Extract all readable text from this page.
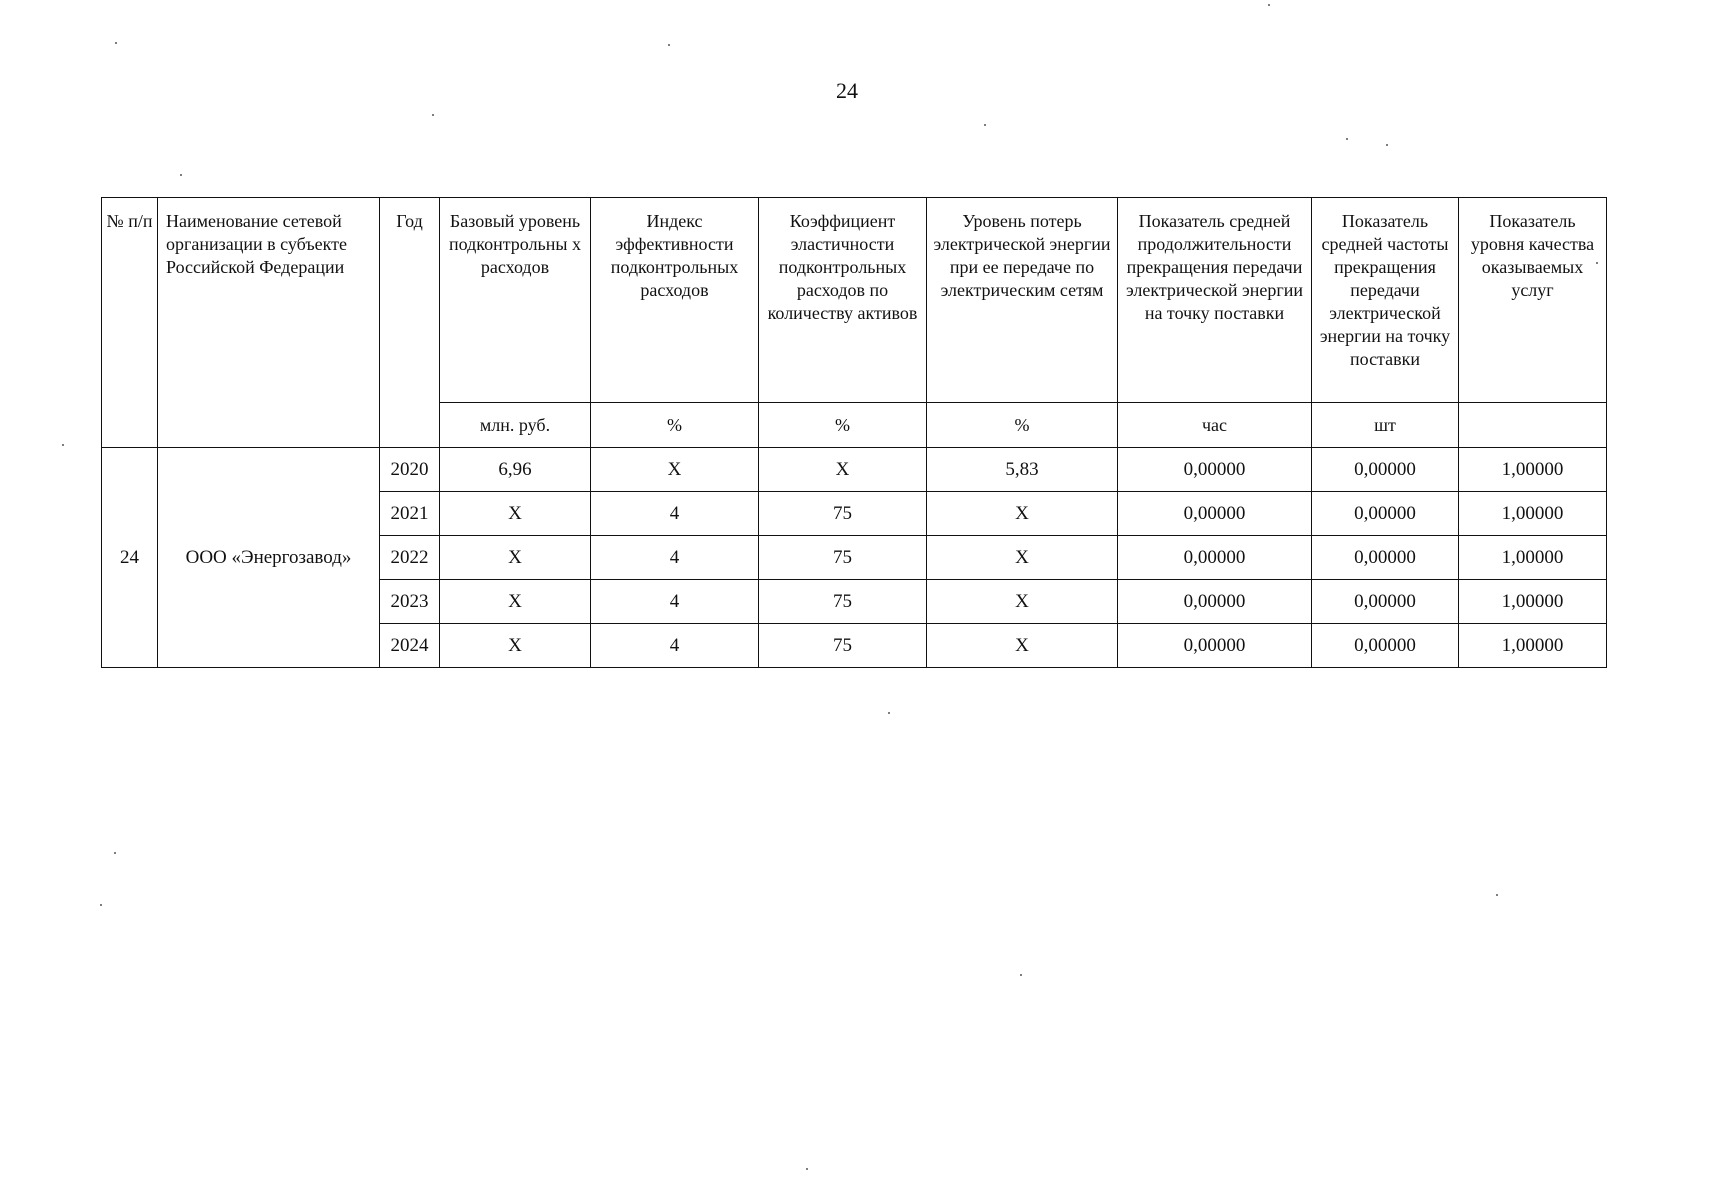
24
№ п/п	Наименование сетевой организации в субъекте Российской Федерации	Год	Базовый уровень подконтрольны х расходов	Индекс эффективности подконтрольных расходов	Коэффициент эластичности подконтрольных расходов по количеству активов	Уровень потерь электрической энергии при ее передаче по электрическим сетям	Показатель средней продолжительности прекращения передачи электрической энергии на точку поставки	Показатель средней частоты прекращения передачи электрической энергии на точку поставки	Показатель уровня качества оказываемых услуг
			млн. руб.	%	%	%	час	шт	
24	ООО «Энергозавод»	2020	6,96	X	X	5,83	0,00000	0,00000	1,00000
		2021	X	4	75	X	0,00000	0,00000	1,00000
		2022	X	4	75	X	0,00000	0,00000	1,00000
		2023	X	4	75	X	0,00000	0,00000	1,00000
		2024	X	4	75	X	0,00000	0,00000	1,00000
